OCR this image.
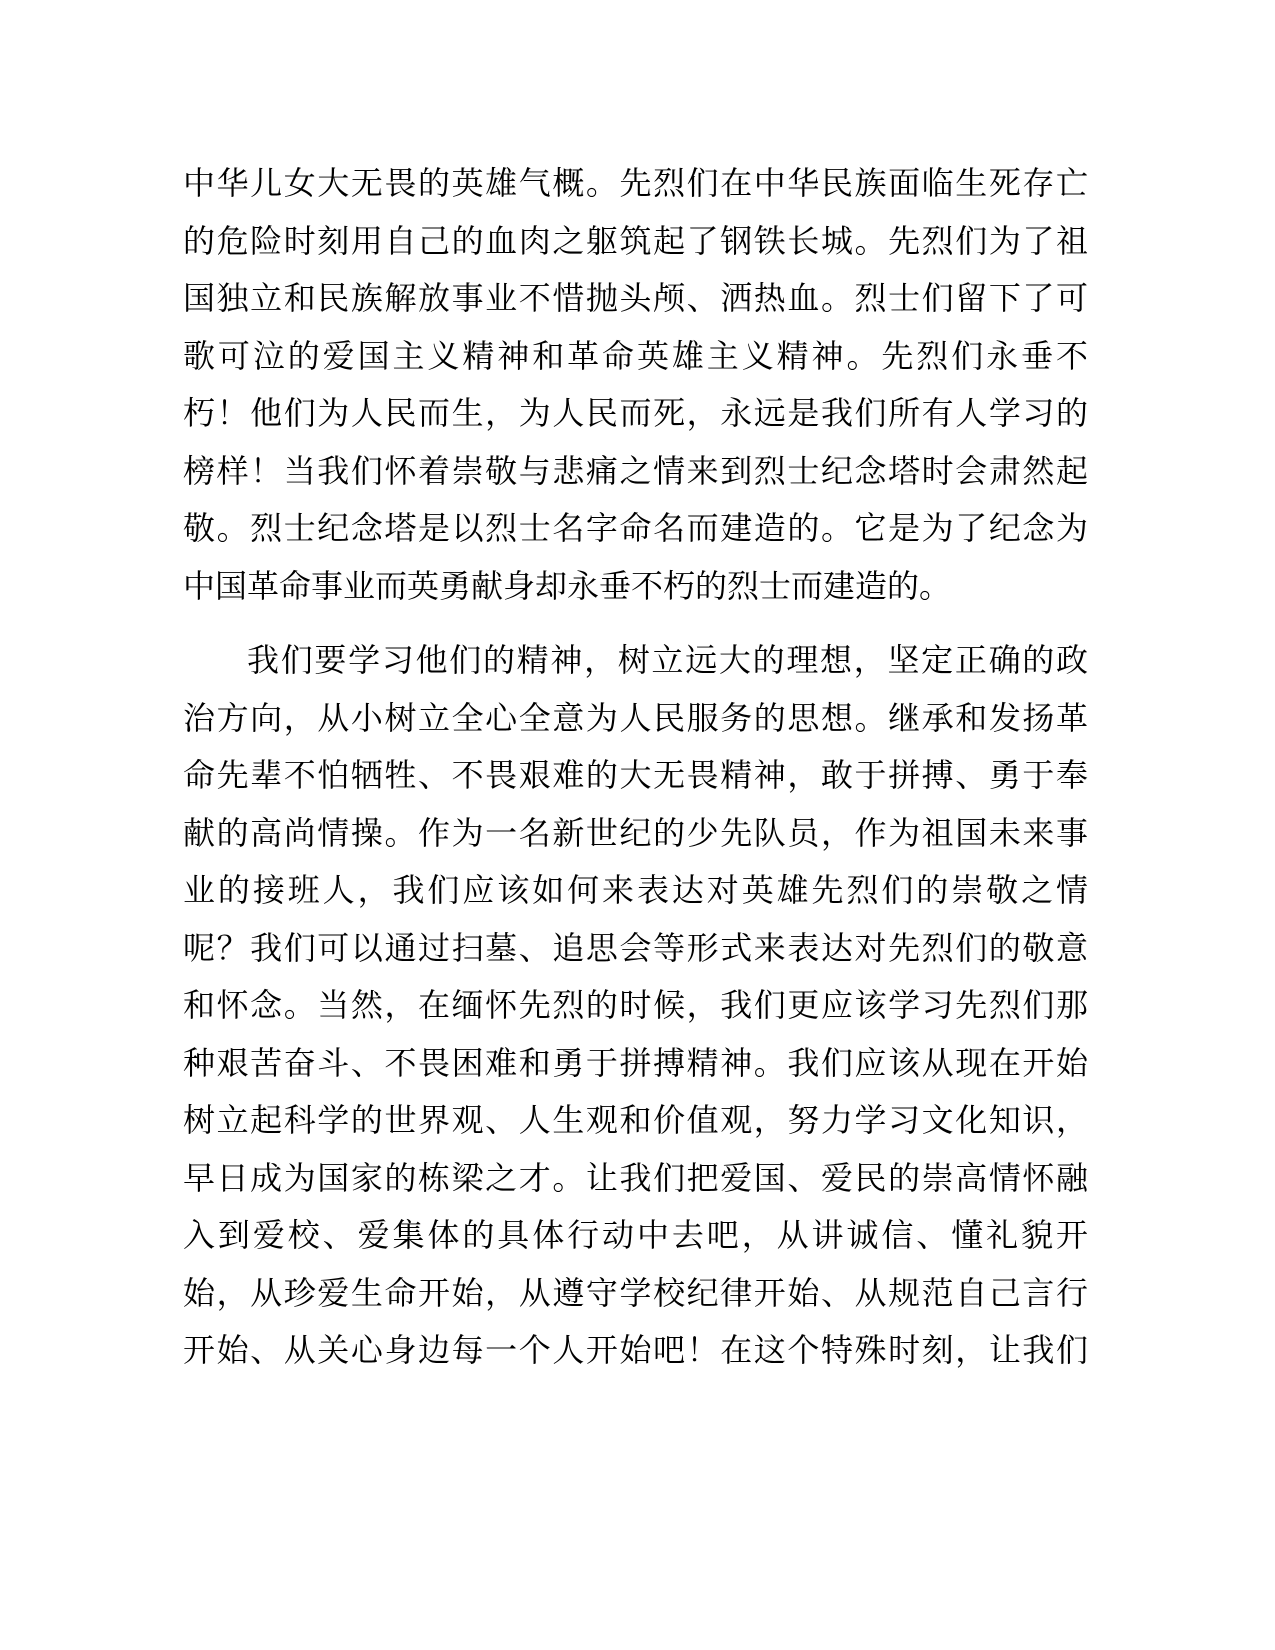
中华儿女大无畏的英雄气概。先烈们在中华民族面临生死存亡
的危险时刻用自己的血肉之躯筑起了钢铁长城。先烈们为了祖
国独立和民族解放事业不惜抛头颅、洒热血。烈士们留下了可
歌可泣的爱国主义精神和革命英雄主义精神。先烈们永垂不
朽！他们为人民而生，为人民而死，永远是我们所有人学习的
榜样！当我们怀着崇敬与悲痛之情来到烈士纪念塔时会肃然起
敬。烈士纪念塔是以烈士名字命名而建造的。它是为了纪念为
中国革命事业而英勇献身却永垂不朽的烈士而建造的。
我们要学习他们的精神，树立远大的理想，坚定正确的政
治方向，从小树立全心全意为人民服务的思想。继承和发扬革
命先辈不怕牺牲、不畏艰难的大无畏精神，敢于拼搏、勇于奉
献的高尚情操。作为一名新世纪的少先队员，作为祖国未来事
业的接班人，我们应该如何来表达对英雄先烈们的崇敬之情
呢？我们可以通过扫墓、追思会等形式来表达对先烈们的敬意
和怀念。当然，在缅怀先烈的时候，我们更应该学习先烈们那
种艰苦奋斗、不畏困难和勇于拼搏精神。我们应该从现在开始
树立起科学的世界观、人生观和价值观，努力学习文化知识，
早日成为国家的栋梁之才。让我们把爱国、爱民的崇高情怀融
入到爱校、爱集体的具体行动中去吧，从讲诚信、懂礼貌开
始，从珍爱生命开始，从遵守学校纪律开始、从规范自己言行
开始、从关心身边每一个人开始吧！在这个特殊时刻，让我们
